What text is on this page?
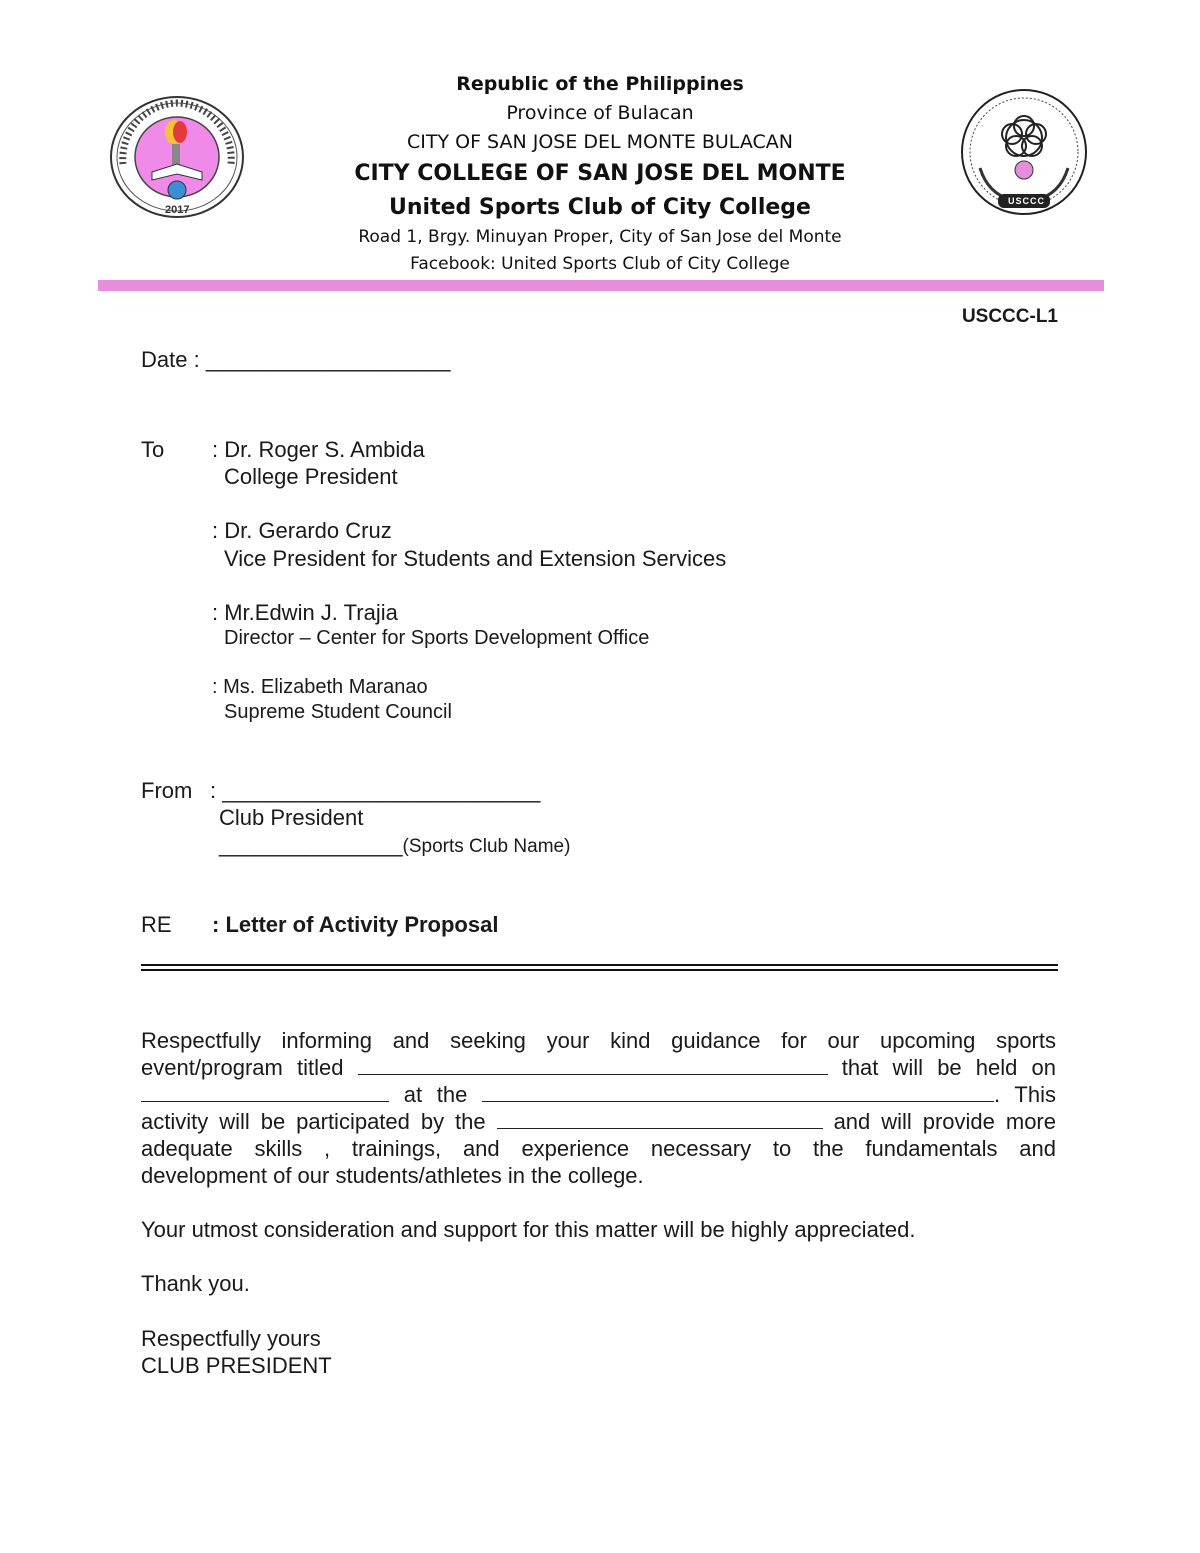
2017
USCCC
Republic of the Philippines
Province of Bulacan
CITY OF SAN JOSE DEL MONTE BULACAN
CITY COLLEGE OF SAN JOSE DEL MONTE
United Sports Club of City College
Road 1, Brgy. Minuyan Proper, City of San Jose del Monte
Facebook: United Sports Club of City College
USCCC-L1
Date : ____________________
To : Dr. Roger S. Ambida
College President
: Dr. Gerardo Cruz
Vice President for Students and Extension Services
: Mr.Edwin J. Trajia
Director – Center for Sports Development Office
: Ms. Elizabeth Maranao
Supreme Student Council
From : __________________________
Club President
_______________(Sports Club Name)
RE : Letter of Activity Proposal
Respectfully informing and seeking your kind guidance for our upcoming sports
event/program titled	that will be held on
at the	. This
activity will be participated by the	and will provide more
adequate skills , trainings, and experience necessary to the fundamentals and
development of our students/athletes in the college.
Your utmost consideration and support for this matter will be highly appreciated.
Thank you.
Respectfully yours
CLUB PRESIDENT
